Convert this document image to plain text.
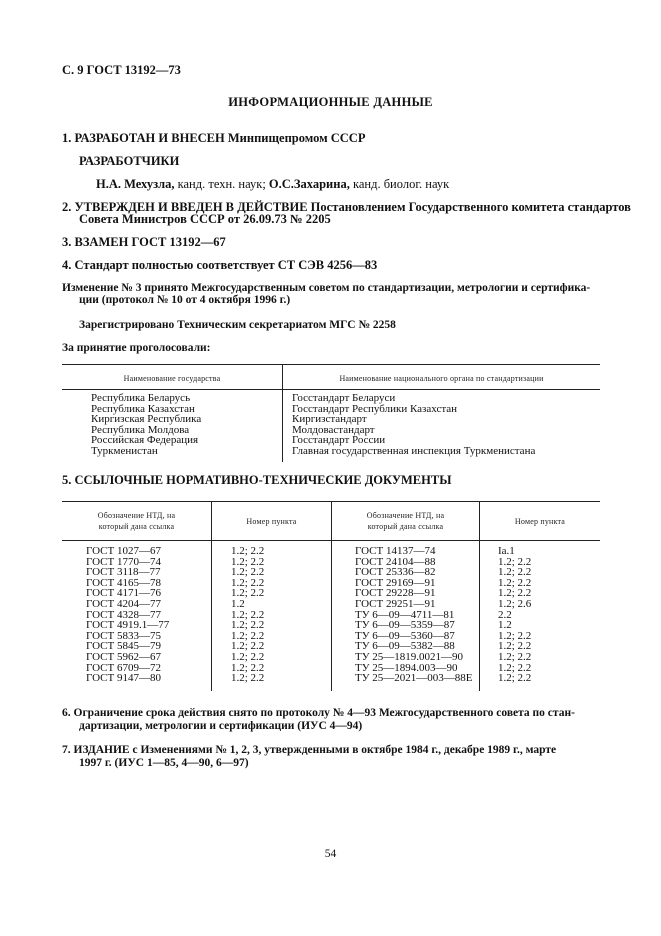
С. 9 ГОСТ 13192—73
ИНФОРМАЦИОННЫЕ ДАННЫЕ
1. РАЗРАБОТАН И ВНЕСЕН Минпищепромом СССР
РАЗРАБОТЧИКИ
Н.А. Мехузла, канд. техн. наук; О.С.Захарина, канд. биолог. наук
2. УТВЕРЖДЕН И ВВЕДЕН В ДЕЙСТВИЕ Постановлением Государственного комитета стандартов
Совета Министров СССР от 26.09.73 № 2205
3. ВЗАМЕН ГОСТ 13192—67
4. Стандарт полностью соответствует СТ СЭВ 4256—83
Изменение № 3 принято Межгосударственным советом по стандартизации, метрологии и сертифика-
ции (протокол № 10 от 4 октября 1996 г.)
Зарегистрировано Техническим секретариатом МГС № 2258
За принятие проголосовали:
Наименование государства	Наименование национального органа по стандартизации
Республика Беларусь
Республика Казахстан
Киргизская Республика
Республика Молдова
Российская Федерация
Туркменистан
Госстандарт Беларуси
Госстандарт Республики Казахстан
Киргизстандарт
Молдовастандарт
Госстандарт России
Главная государственная инспекция Туркменистана
5. ССЫЛОЧНЫЕ НОРМАТИВНО-ТЕХНИЧЕСКИЕ ДОКУМЕНТЫ
Обозначение НТД, на
который дана ссылка
Номер пункта
Обозначение НТД, на
который дана ссылка
Номер пункта
ГОСТ 1027—67
ГОСТ 1770—74
ГОСТ 3118—77
ГОСТ 4165—78
ГОСТ 4171—76
ГОСТ 4204—77
ГОСТ 4328—77
ГОСТ 4919.1—77
ГОСТ 5833—75
ГОСТ 5845—79
ГОСТ 5962—67
ГОСТ 6709—72
ГОСТ 9147—80
1.2; 2.2
1.2; 2.2
1.2; 2.2
1.2; 2.2
1.2; 2.2
1.2
1.2; 2.2
1.2; 2.2
1.2; 2.2
1.2; 2.2
1.2; 2.2
1.2; 2.2
1.2; 2.2
ГОСТ 14137—74
ГОСТ 24104—88
ГОСТ 25336—82
ГОСТ 29169—91
ГОСТ 29228—91
ГОСТ 29251—91
ТУ 6—09—4711—81
ТУ 6—09—5359—87
ТУ 6—09—5360—87
ТУ 6—09—5382—88
ТУ 25—1819.0021—90
ТУ 25—1894.003—90
ТУ 25—2021—003—88Е
Iа.1
1.2; 2.2
1.2; 2.2
1.2; 2.2
1.2; 2.2
1.2; 2.6
2.2
1.2
1.2; 2.2
1.2; 2.2
1.2; 2.2
1.2; 2.2
1.2; 2.2
6. Ограничение срока действия снято по протоколу № 4—93 Межгосударственного совета по стан-
дартизации, метрологии и сертификации (ИУС 4—94)
7. ИЗДАНИЕ с Изменениями № 1, 2, 3, утвержденными в октябре 1984 г., декабре 1989 г., марте
1997 г. (ИУС 1—85, 4—90, 6—97)
54
